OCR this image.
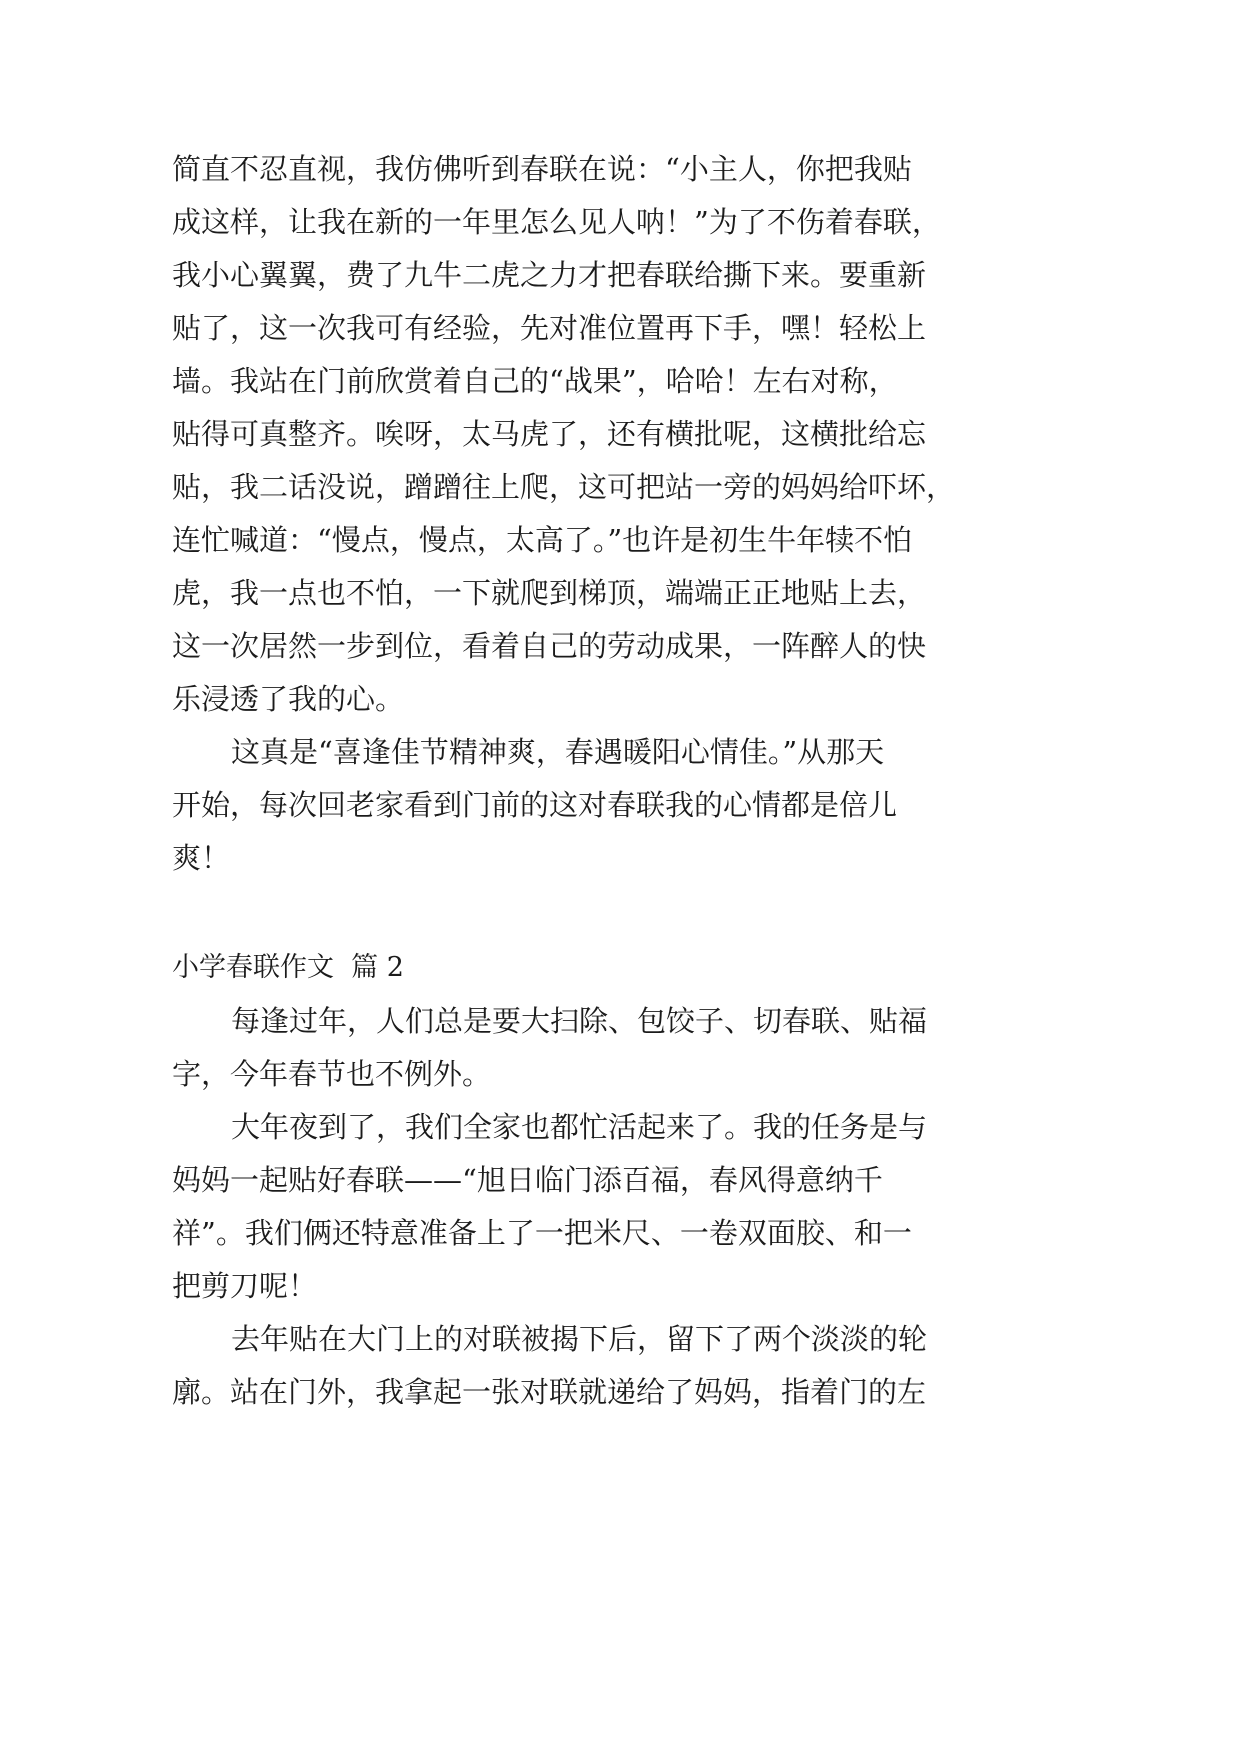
简直不忍直视，我仿佛听到春联在说：“小主人，你把我贴
成这样，让我在新的一年里怎么见人呐！”为了不伤着春联，
我小心翼翼，费了九牛二虎之力才把春联给撕下来。要重新
贴了，这一次我可有经验，先对准位置再下手，嘿！轻松上
墙。我站在门前欣赏着自己的“战果”，哈哈！左右对称，
贴得可真整齐。唉呀，太马虎了，还有横批呢，这横批给忘
贴，我二话没说，蹭蹭往上爬，这可把站一旁的妈妈给吓坏，
连忙喊道：“慢点，慢点，太高了。”也许是初生牛年犊不怕
虎，我一点也不怕，一下就爬到梯顶，端端正正地贴上去，
这一次居然一步到位，看着自己的劳动成果，一阵醉人的快
乐浸透了我的心。
这真是“喜逢佳节精神爽，春遇暖阳心情佳。”从那天
开始，每次回老家看到门前的这对春联我的心情都是倍儿
爽！
小学春联作文  篇 2
每逢过年，人们总是要大扫除、包饺子、切春联、贴福
字，今年春节也不例外。
大年夜到了，我们全家也都忙活起来了。我的任务是与
妈妈一起贴好春联——“旭日临门添百福，春风得意纳千
祥”。我们俩还特意准备上了一把米尺、一卷双面胶、和一
把剪刀呢！
去年贴在大门上的对联被揭下后，留下了两个淡淡的轮
廓。站在门外，我拿起一张对联就递给了妈妈，指着门的左
